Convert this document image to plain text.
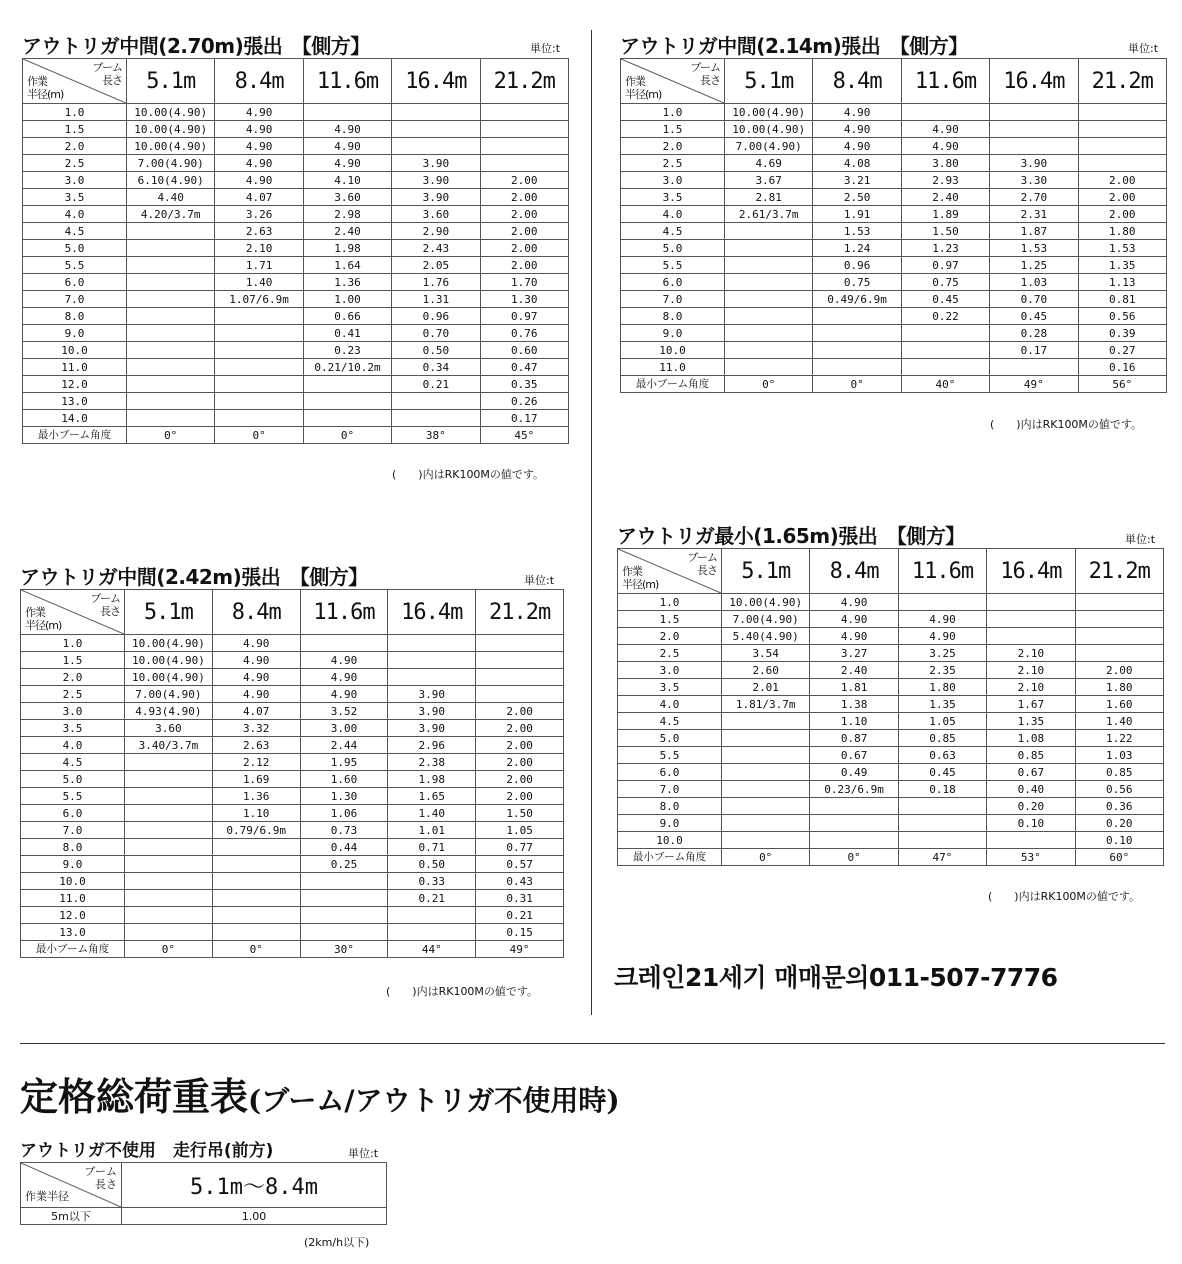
アウトリガ中間(2.70m)張出　【側方】	単位:t
ブーム
長さ
作業
半径(m)	5.1m	8.4m	11.6m	16.4m	21.2m
1.0	10.00(4.90)	4.90			
1.5	10.00(4.90)	4.90	4.90		
2.0	10.00(4.90)	4.90	4.90		
2.5	7.00(4.90)	4.90	4.90	3.90	
3.0	6.10(4.90)	4.90	4.10	3.90	2.00
3.5	4.40	4.07	3.60	3.90	2.00
4.0	4.20/3.7m	3.26	2.98	3.60	2.00
4.5		2.63	2.40	2.90	2.00
5.0		2.10	1.98	2.43	2.00
5.5		1.71	1.64	2.05	2.00
6.0		1.40	1.36	1.76	1.70
7.0		1.07/6.9m	1.00	1.31	1.30
8.0			0.66	0.96	0.97
9.0			0.41	0.70	0.76
10.0			0.23	0.50	0.60
11.0			0.21/10.2m	0.34	0.47
12.0				0.21	0.35
13.0					0.26
14.0					0.17
最小ブーム角度	0°	0°	0°	38°	45°
(　　)内はRK100Mの値です。
アウトリガ中間(2.14m)張出　【側方】	単位:t
ブーム
長さ
作業
半径(m)	5.1m	8.4m	11.6m	16.4m	21.2m
1.0	10.00(4.90)	4.90			
1.5	10.00(4.90)	4.90	4.90		
2.0	7.00(4.90)	4.90	4.90		
2.5	4.69	4.08	3.80	3.90	
3.0	3.67	3.21	2.93	3.30	2.00
3.5	2.81	2.50	2.40	2.70	2.00
4.0	2.61/3.7m	1.91	1.89	2.31	2.00
4.5		1.53	1.50	1.87	1.80
5.0		1.24	1.23	1.53	1.53
5.5		0.96	0.97	1.25	1.35
6.0		0.75	0.75	1.03	1.13
7.0		0.49/6.9m	0.45	0.70	0.81
8.0			0.22	0.45	0.56
9.0				0.28	0.39
10.0				0.17	0.27
11.0					0.16
最小ブーム角度	0°	0°	40°	49°	56°
(　　)内はRK100Mの値です。
アウトリガ中間(2.42m)張出　【側方】	単位:t
ブーム
長さ
作業
半径(m)	5.1m	8.4m	11.6m	16.4m	21.2m
1.0	10.00(4.90)	4.90			
1.5	10.00(4.90)	4.90	4.90		
2.0	10.00(4.90)	4.90	4.90		
2.5	7.00(4.90)	4.90	4.90	3.90	
3.0	4.93(4.90)	4.07	3.52	3.90	2.00
3.5	3.60	3.32	3.00	3.90	2.00
4.0	3.40/3.7m	2.63	2.44	2.96	2.00
4.5		2.12	1.95	2.38	2.00
5.0		1.69	1.60	1.98	2.00
5.5		1.36	1.30	1.65	2.00
6.0		1.10	1.06	1.40	1.50
7.0		0.79/6.9m	0.73	1.01	1.05
8.0			0.44	0.71	0.77
9.0			0.25	0.50	0.57
10.0				0.33	0.43
11.0				0.21	0.31
12.0					0.21
13.0					0.15
最小ブーム角度	0°	0°	30°	44°	49°
(　　)内はRK100Mの値です。
アウトリガ最小(1.65m)張出　【側方】	単位:t
ブーム
長さ
作業
半径(m)	5.1m	8.4m	11.6m	16.4m	21.2m
1.0	10.00(4.90)	4.90			
1.5	7.00(4.90)	4.90	4.90		
2.0	5.40(4.90)	4.90	4.90		
2.5	3.54	3.27	3.25	2.10	
3.0	2.60	2.40	2.35	2.10	2.00
3.5	2.01	1.81	1.80	2.10	1.80
4.0	1.81/3.7m	1.38	1.35	1.67	1.60
4.5		1.10	1.05	1.35	1.40
5.0		0.87	0.85	1.08	1.22
5.5		0.67	0.63	0.85	1.03
6.0		0.49	0.45	0.67	0.85
7.0		0.23/6.9m	0.18	0.40	0.56
8.0				0.20	0.36
9.0				0.10	0.20
10.0					0.10
最小ブーム角度	0°	0°	47°	53°	60°
(　　)内はRK100Mの値です。
크레인21세기 매매문의011-507-7776
定格総荷重表(ブーム/アウトリガ不使用時)
アウトリガ不使用　走行吊(前方)	単位:t
ブーム
長さ
作業半径	5.1m～8.4m
5m以下	1.00
(2km/h以下)
